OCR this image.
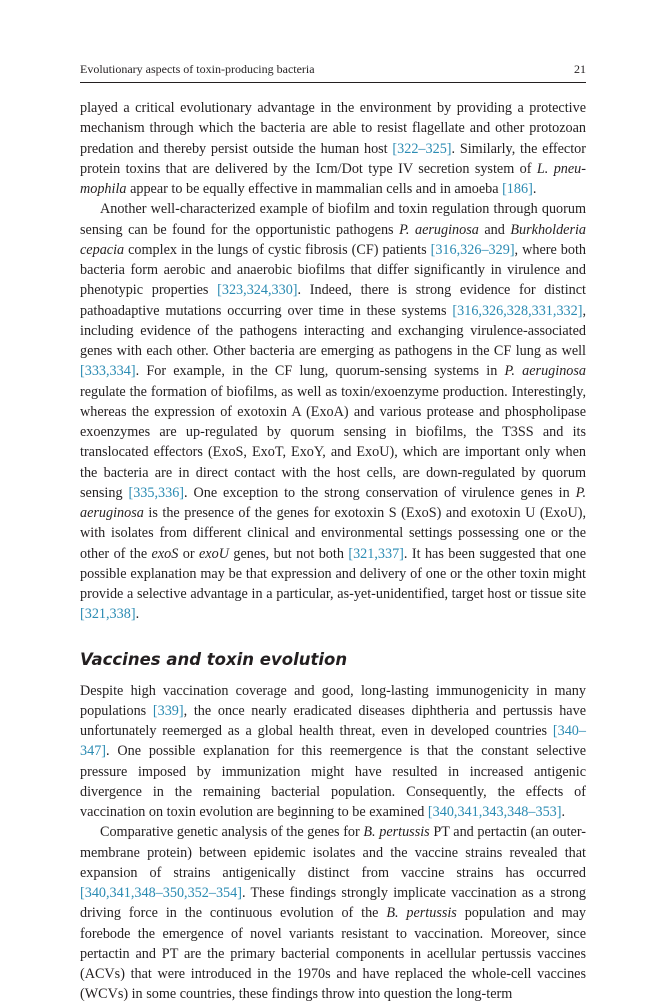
Evolutionary aspects of toxin-producing bacteria	21

played a critical evolutionary advantage in the environment by providing a protective mechanism through which the bacteria are able to resist flagellate and other protozoan predation and thereby persist outside the human host [322–325]. Similarly, the effector protein toxins that are delivered by the Icm/Dot type IV secretion system of L. pneumophila appear to be equally effective in mammalian cells and in amoeba [186].

Another well-characterized example of biofilm and toxin regulation through quorum sensing can be found for the opportunistic pathogens P. aeruginosa and Burkholderia cepacia complex in the lungs of cystic fibrosis (CF) patients [316,326–329], where both bacteria form aerobic and anaerobic biofilms that differ significantly in virulence and phenotypic properties [323,324,330]. Indeed, there is strong evidence for distinct pathoadaptive mutations occurring over time in these systems [316,326,328,331,332], including evidence of the pathogens interacting and exchanging virulence-associated genes with each other. Other bacteria are emerging as pathogens in the CF lung as well [333,334]. For example, in the CF lung, quorum-sensing systems in P. aeruginosa regulate the formation of biofilms, as well as toxin/​exoenzyme production. Interestingly, whereas the expression of exotoxin A (ExoA) and various protease and phospholipase exoenzymes are up-regulated by quorum sensing in biofilms, the T3SS and its translocated effectors (ExoS, ExoT, ExoY, and ExoU), which are important only when the bacteria are in direct contact with the host cells, are down-regulated by quorum sensing [335,336]. One exception to the strong conservation of virulence genes in P. aeruginosa is the presence of the genes for exotoxin S (ExoS) and exotoxin U (ExoU), with isolates from different clinical and environmental settings possessing one or the other of the exoS or exoU genes, but not both [321,337]. It has been suggested that one possible explanation may be that expression and delivery of one or the other toxin might provide a selective advantage in a particular, as-yet-unidentified, target host or tissue site [321,338].

Vaccines and toxin evolution

Despite high vaccination coverage and good, long-lasting immunogenicity in many populations [339], the once nearly eradicated diseases diphtheria and pertussis have unfortunately reemerged as a global health threat, even in developed countries [340–347]. One possible explanation for this reemergence is that the constant selective pressure imposed by immunization might have resulted in increased antigenic divergence in the remaining bacterial population. Consequently, the effects of vaccination on toxin evolution are beginning to be examined [340,341,343,348–353].

Comparative genetic analysis of the genes for B. pertussis PT and pertactin (an outer-membrane protein) between epidemic isolates and the vaccine strains revealed that expansion of strains antigenically distinct from vaccine strains has occurred [340,341,348–350,352–354]. These findings strongly implicate vaccination as a strong driving force in the continuous evolution of the B. pertussis population and may forebode the emergence of novel variants resistant to vaccination. Moreover, since pertactin and PT are the primary bacterial components in acellular pertussis vaccines (ACVs) that were introduced in the 1970s and have replaced the whole-cell vaccines (WCVs) in some countries, these findings throw into question the long-term
